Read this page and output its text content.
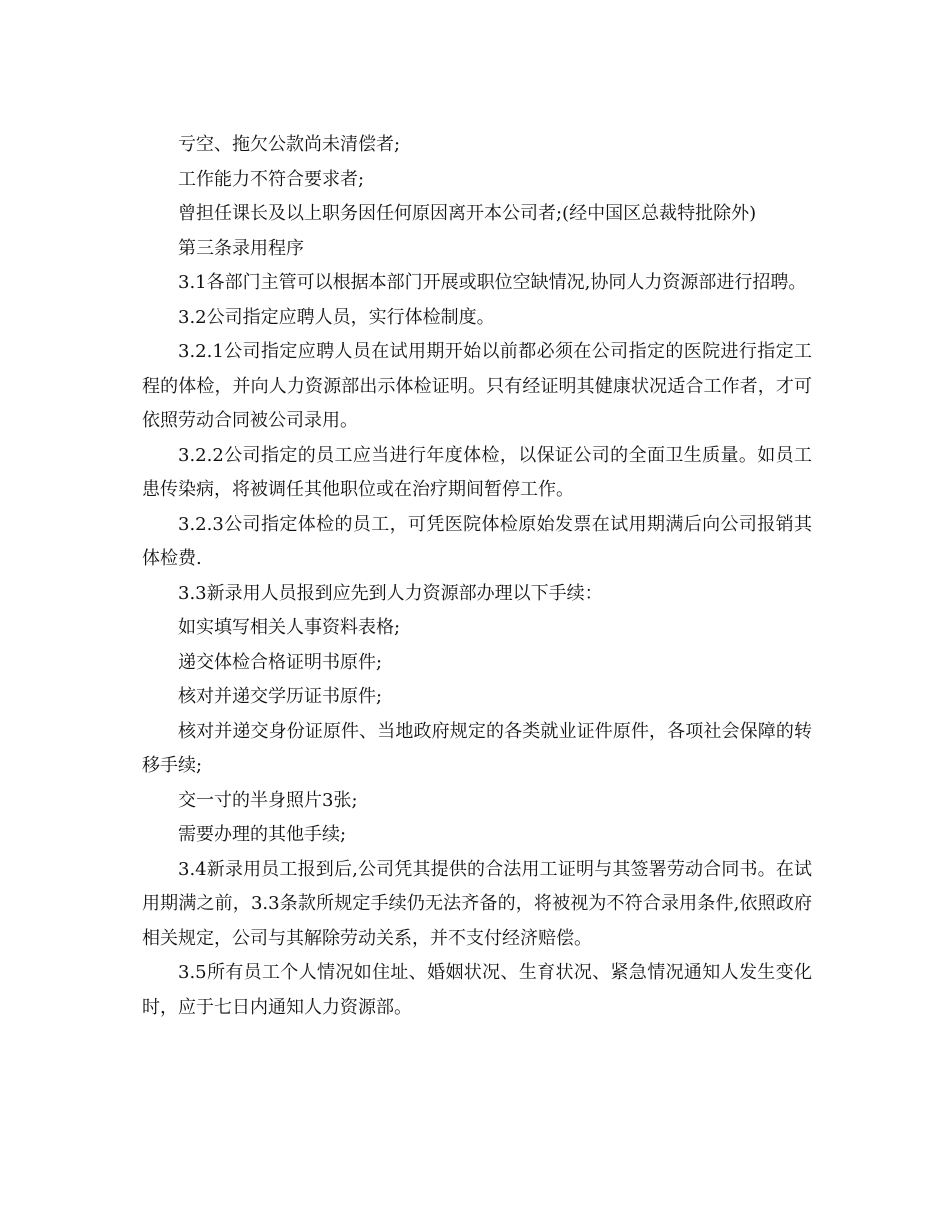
亏空、拖欠公款尚未清偿者;

工作能力不符合要求者;

曾担任课长及以上职务因任何原因离开本公司者;(经中国区总裁特批除外)

第三条录用程序

3.1各部门主管可以根据本部门开展或职位空缺情况,协同人力资源部进行招聘。

3.2公司指定应聘人员，实行体检制度。

3.2.1公司指定应聘人员在试用期开始以前都必须在公司指定的医院进行指定工程的体检，并向人力资源部出示体检证明。只有经证明其健康状况适合工作者，才可依照劳动合同被公司录用。

3.2.2公司指定的员工应当进行年度体检，以保证公司的全面卫生质量。如员工患传染病，将被调任其他职位或在治疗期间暂停工作。

3.2.3公司指定体检的员工，可凭医院体检原始发票在试用期满后向公司报销其体检费.

3.3新录用人员报到应先到人力资源部办理以下手续：

如实填写相关人事资料表格;

递交体检合格证明书原件;

核对并递交学历证书原件;

核对并递交身份证原件、当地政府规定的各类就业证件原件，各项社会保障的转移手续;

交一寸的半身照片3张;

需要办理的其他手续;

3.4新录用员工报到后,公司凭其提供的合法用工证明与其签署劳动合同书。在试用期满之前，3.3条款所规定手续仍无法齐备的，将被视为不符合录用条件,依照政府相关规定，公司与其解除劳动关系，并不支付经济赔偿。

3.5所有员工个人情况如住址、婚姻状况、生育状况、紧急情况通知人发生变化时，应于七日内通知人力资源部。
